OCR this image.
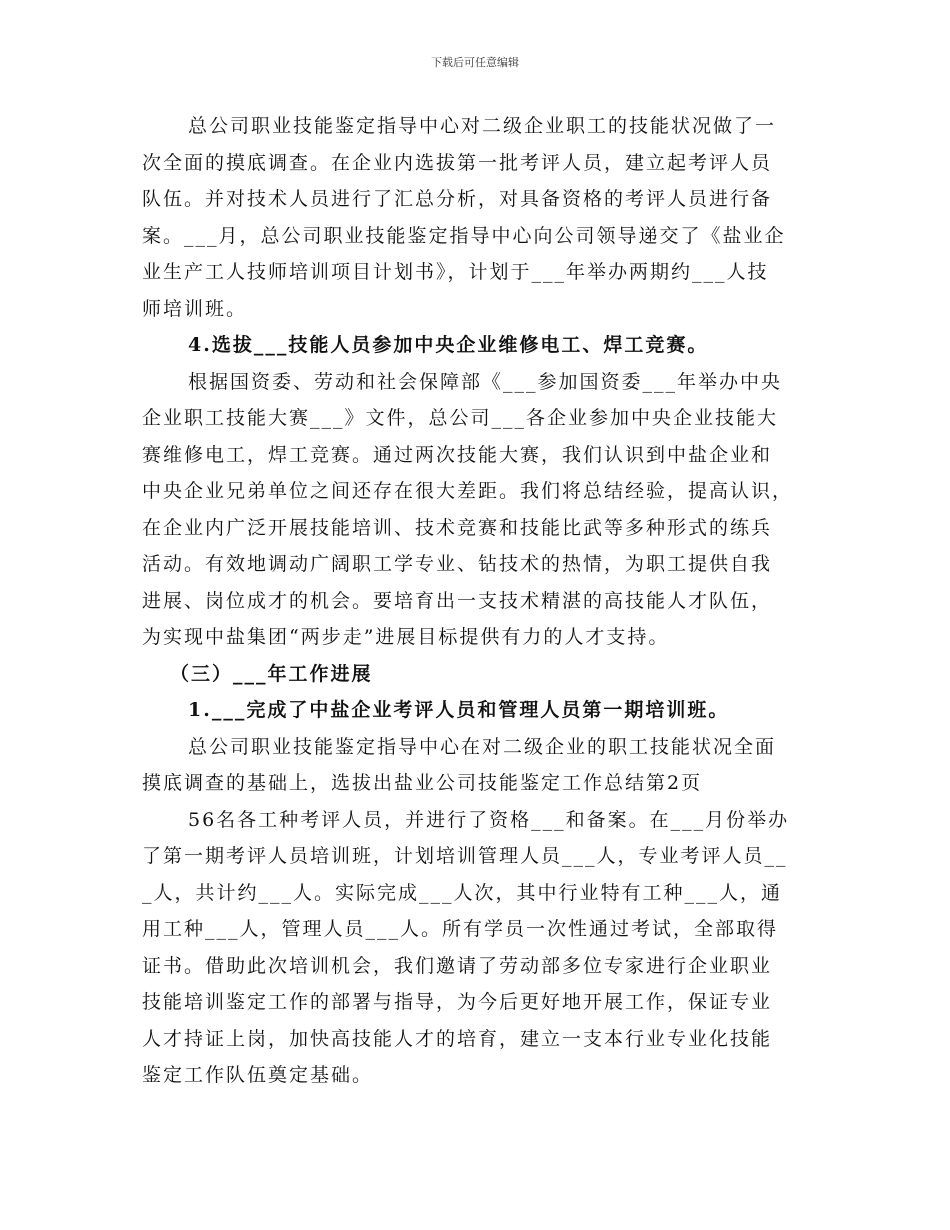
下载后可任意编辑

总公司职业技能鉴定指导中心对二级企业职工的技能状况做了一
次全面的摸底调查。在企业内选拔第一批考评人员，建立起考评人员
队伍。并对技术人员进行了汇总分析，对具备资格的考评人员进行备
案。___月，总公司职业技能鉴定指导中心向公司领导递交了《盐业企
业生产工人技师培训项目计划书》，计划于___年举办两期约___人技
师培训班。

4.选拔___技能人员参加中央企业维修电工、焊工竞赛。

根据国资委、劳动和社会保障部《___参加国资委___年举办中央
企业职工技能大赛___》文件，总公司___各企业参加中央企业技能大
赛维修电工，焊工竞赛。通过两次技能大赛，我们认识到中盐企业和
中央企业兄弟单位之间还存在很大差距。我们将总结经验，提高认识，
在企业内广泛开展技能培训、技术竞赛和技能比武等多种形式的练兵
活动。有效地调动广阔职工学专业、钻技术的热情，为职工提供自我
进展、岗位成才的机会。要培育出一支技术精湛的高技能人才队伍，
为实现中盐集团“两步走”进展目标提供有力的人才支持。

（三）___年工作进展

1.___完成了中盐企业考评人员和管理人员第一期培训班。

总公司职业技能鉴定指导中心在对二级企业的职工技能状况全面
摸底调查的基础上，选拔出盐业公司技能鉴定工作总结第2页

56名各工种考评人员，并进行了资格___和备案。在___月份举办
了第一期考评人员培训班，计划培训管理人员___人，专业考评人员__
_人，共计约___人。实际完成___人次，其中行业特有工种___人，通
用工种___人，管理人员___人。所有学员一次性通过考试，全部取得
证书。借助此次培训机会，我们邀请了劳动部多位专家进行企业职业
技能培训鉴定工作的部署与指导，为今后更好地开展工作，保证专业
人才持证上岗，加快高技能人才的培育，建立一支本行业专业化技能
鉴定工作队伍奠定基础。
